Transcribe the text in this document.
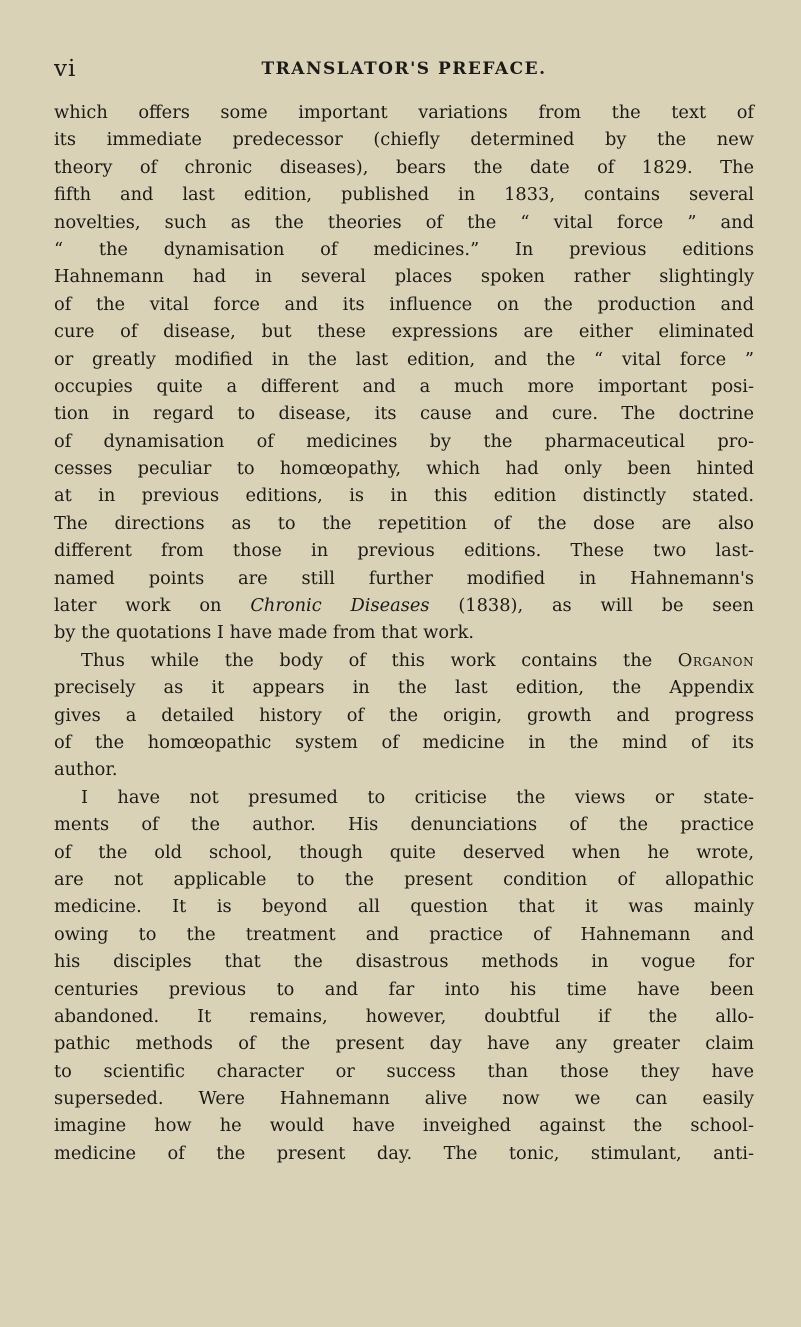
vi	TRANSLATOR'S PREFACE.
which offers some important variations from the text of
its immediate predecessor (chiefly determined by the new
theory of chronic diseases), bears the date of 1829. The
fifth and last edition, published in 1833, contains several
novelties, such as the theories of the “ vital force ” and
“ the dynamisation of medicines.” In previous editions
Hahnemann had in several places spoken rather slightingly
of the vital force and its influence on the production and
cure of disease, but these expressions are either eliminated
or greatly modified in the last edition, and the “ vital force ”
occupies quite a different and a much more important posi-
tion in regard to disease, its cause and cure. The doctrine
of dynamisation of medicines by the pharmaceutical pro-
cesses peculiar to homœopathy, which had only been hinted
at in previous editions, is in this edition distinctly stated.
The directions as to the repetition of the dose are also
different from those in previous editions. These two last-
named points are still further modified in Hahnemann's
later work on Chronic Diseases (1838), as will be seen
by the quotations I have made from that work.
Thus while the body of this work contains the Organon
precisely as it appears in the last edition, the Appendix
gives a detailed history of the origin, growth and progress
of the homœopathic system of medicine in the mind of its
author.
I have not presumed to criticise the views or state-
ments of the author. His denunciations of the practice
of the old school, though quite deserved when he wrote,
are not applicable to the present condition of allopathic
medicine. It is beyond all question that it was mainly
owing to the treatment and practice of Hahnemann and
his disciples that the disastrous methods in vogue for
centuries previous to and far into his time have been
abandoned. It remains, however, doubtful if the allo-
pathic methods of the present day have any greater claim
to scientific character or success than those they have
superseded. Were Hahnemann alive now we can easily
imagine how he would have inveighed against the school-
medicine of the present day. The tonic, stimulant, anti-
